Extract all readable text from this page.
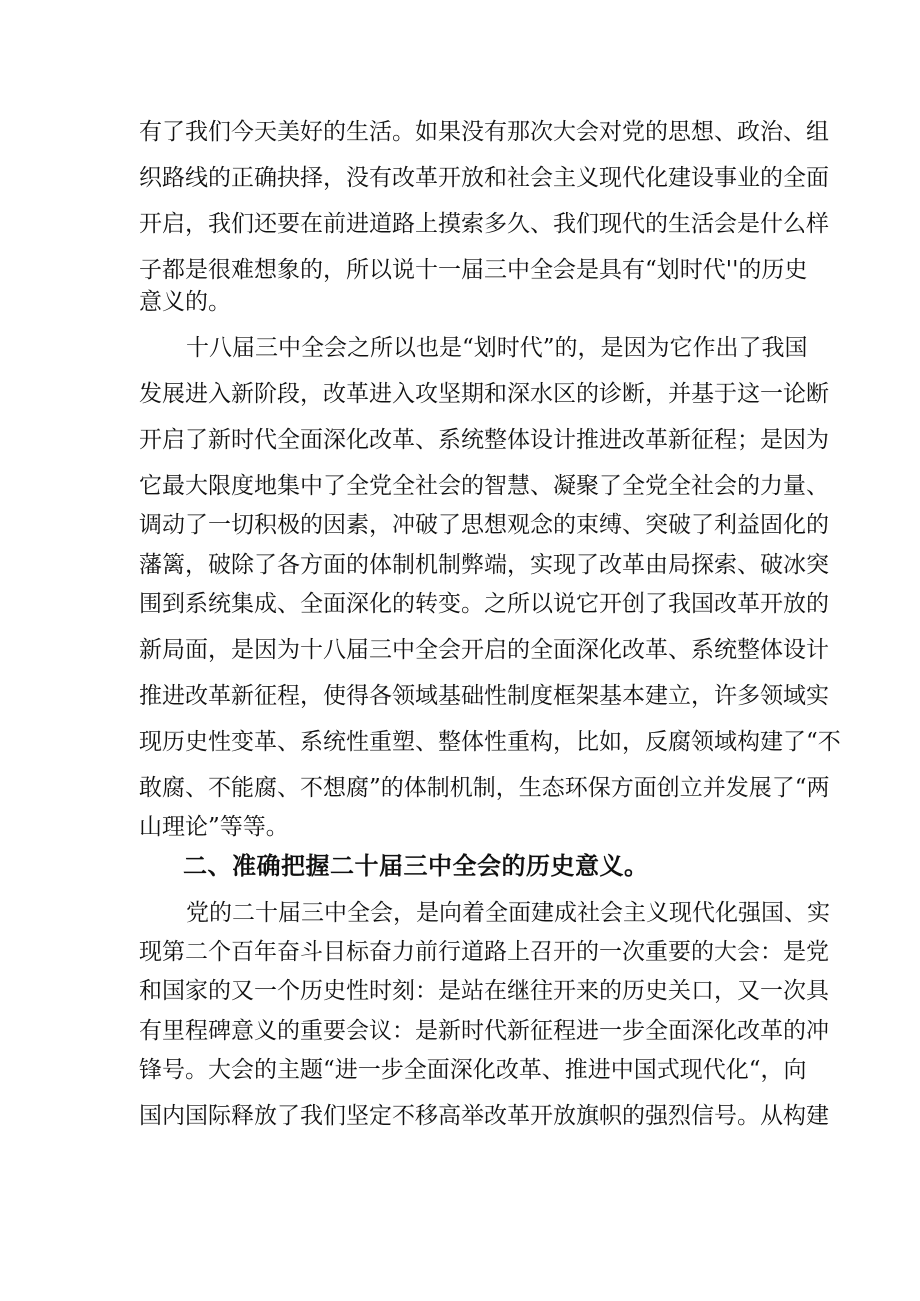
有了我们今天美好的生活。如果没有那次大会对党的思想、政治、组
织路线的正确抉择，没有改革开放和社会主义现代化建设事业的全面
开启，我们还要在前进道路上摸索多久、我们现代的生活会是什么样
子都是很难想象的，所以说十一届三中全会是具有“划时代''的历史
意义的。
十八届三中全会之所以也是“划时代”的，是因为它作出了我国
发展进入新阶段，改革进入攻坚期和深水区的诊断，并基于这一论断
开启了新时代全面深化改革、系统整体设计推进改革新征程；是因为
它最大限度地集中了全党全社会的智慧、凝聚了全党全社会的力量、
调动了一切积极的因素，冲破了思想观念的束缚、突破了利益固化的
藩篱，破除了各方面的体制机制弊端，实现了改革由局探索、破冰突
围到系统集成、全面深化的转变。之所以说它开创了我国改革开放的
新局面，是因为十八届三中全会开启的全面深化改革、系统整体设计
推进改革新征程，使得各领域基础性制度框架基本建立，许多领域实
现历史性变革、系统性重塑、整体性重构，比如，反腐领域构建了“不
敢腐、不能腐、不想腐”的体制机制，生态环保方面创立并发展了“两
山理论”等等。
二、准确把握二十届三中全会的历史意义。
党的二十届三中全会，是向着全面建成社会主义现代化强国、实
现第二个百年奋斗目标奋力前行道路上召开的一次重要的大会：是党
和国家的又一个历史性时刻：是站在继往开来的历史关口，又一次具
有里程碑意义的重要会议：是新时代新征程进一步全面深化改革的冲
锋号。大会的主题“进一步全面深化改革、推进中国式现代化“，向
国内国际释放了我们坚定不移高举改革开放旗帜的强烈信号。从构建
